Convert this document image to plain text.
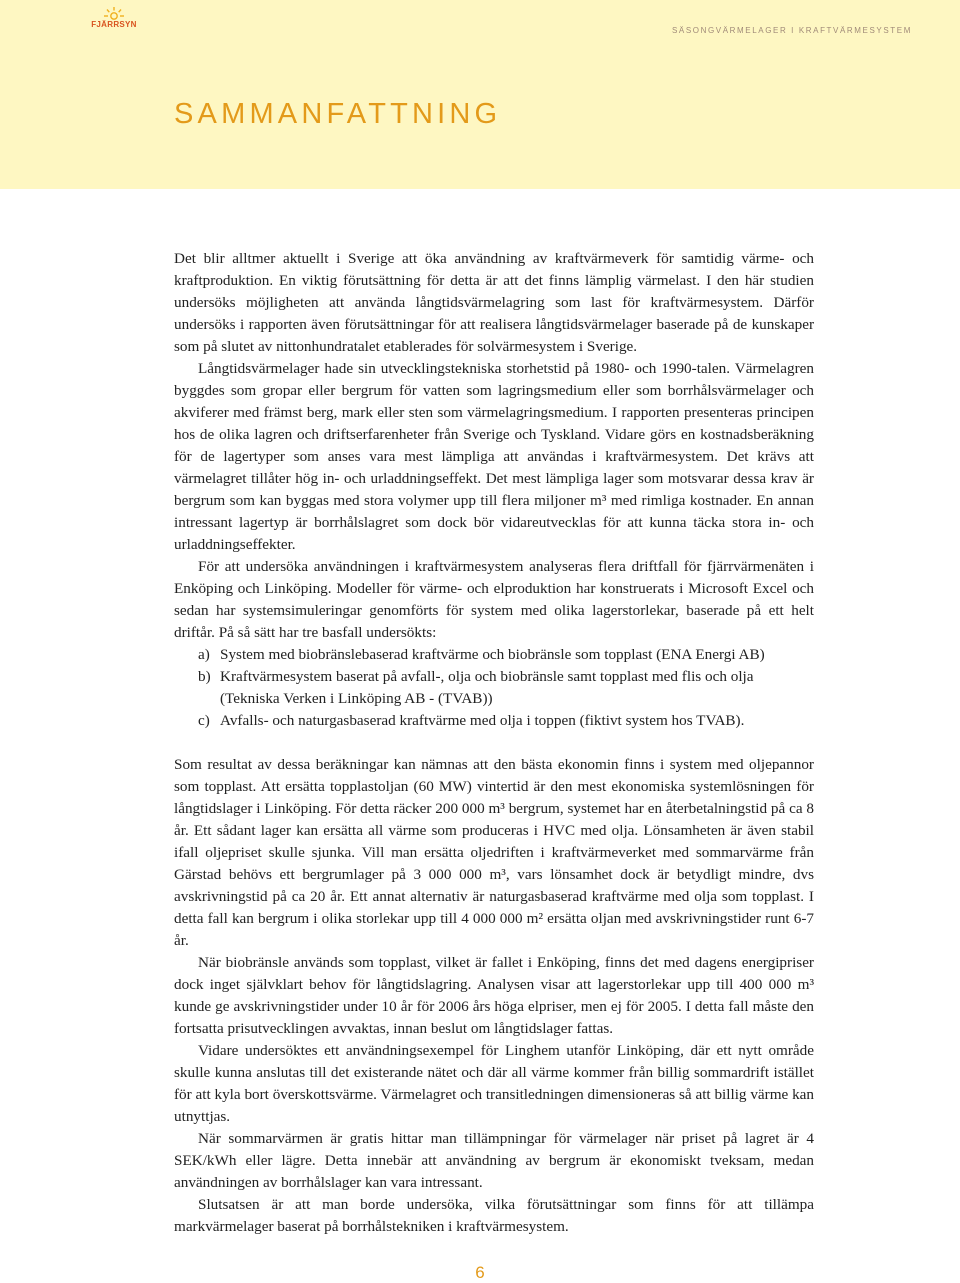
FJÄRRSYN
SÄSONGVÄRMELAGER I KRAFTVÄRMESYSTEM
SAMMANFATTNING

Det blir alltmer aktuellt i Sverige att öka användning av kraftvärmeverk för samtidig värme- och kraftproduktion. En viktig förutsättning för detta är att det finns lämplig värmelast. I den här studien undersöks möjligheten att använda långtidsvärmelagring som last för kraftvärmesystem. Därför undersöks i rapporten även förutsättningar för att realisera långtidsvärmelager baserade på de kunskaper som på slutet av nittonhundratalet etablerades för solvärmesystem i Sverige.

Långtidsvärmelager hade sin utvecklingstekniska storhetstid på 1980- och 1990-talen. Värmelagren byggdes som gropar eller bergrum för vatten som lagringsmedium eller som borrhålsvärmelager och akviferer med främst berg, mark eller sten som värmelagringsmedium. I rapporten presenteras principen hos de olika lagren och driftserfarenheter från Sverige och Tyskland. Vidare görs en kostnadsberäkning för de lagertyper som anses vara mest lämpliga att användas i kraftvärmesystem. Det krävs att värmelagret tillåter hög in- och urladdningseffekt. Det mest lämpliga lager som motsvarar dessa krav är bergrum som kan byggas med stora volymer upp till flera miljoner m³ med rimliga kostnader. En annan intressant lagertyp är borrhålslagret som dock bör vidareutvecklas för att kunna täcka stora in- och urladdningseffekter.

För att undersöka användningen i kraftvärmesystem analyseras flera driftfall för fjärrvärmenäten i Enköping och Linköping. Modeller för värme- och elproduktion har konstruerats i Microsoft Excel och sedan har systemsimuleringar genomförts för system med olika lagerstorlekar, baserade på ett helt driftår. På så sätt har tre basfall undersökts:

a) System med biobränslebaserad kraftvärme och biobränsle som topplast (ENA Energi AB)
b) Kraftvärmesystem baserat på avfall-, olja och biobränsle samt topplast med flis och olja (Tekniska Verken i Linköping AB - (TVAB))
c) Avfalls- och naturgasbaserad kraftvärme med olja i toppen (fiktivt system hos TVAB).

Som resultat av dessa beräkningar kan nämnas att den bästa ekonomin finns i system med oljepannor som topplast. Att ersätta topplastoljan (60 MW) vintertid är den mest ekonomiska systemlösningen för långtidslager i Linköping. För detta räcker 200 000 m³ bergrum, systemet har en återbetalningstid på ca 8 år. Ett sådant lager kan ersätta all värme som produceras i HVC med olja. Lönsamheten är även stabil ifall oljepriset skulle sjunka. Vill man ersätta oljedriften i kraftvärmeverket med sommarvärme från Gärstad behövs ett bergrumlager på 3 000 000 m³, vars lönsamhet dock är betydligt mindre, dvs avskrivningstid på ca 20 år. Ett annat alternativ är naturgasbaserad kraftvärme med olja som topplast. I detta fall kan bergrum i olika storlekar upp till 4 000 000 m² ersätta oljan med avskrivningstider runt 6-7 år.

När biobränsle används som topplast, vilket är fallet i Enköping, finns det med dagens energipriser dock inget självklart behov för långtidslagring. Analysen visar att lagerstorlekar upp till 400 000 m³ kunde ge avskrivningstider under 10 år för 2006 års höga elpriser, men ej för 2005. I detta fall måste den fortsatta prisutvecklingen avvaktas, innan beslut om långtidslager fattas.

Vidare undersöktes ett användningsexempel för Linghem utanför Linköping, där ett nytt område skulle kunna anslutas till det existerande nätet och där all värme kommer från billig sommardrift istället för att kyla bort överskottsvärme. Värmelagret och transitledningen dimensioneras så att billig värme kan utnyttjas.

När sommarvärmen är gratis hittar man tillämpningar för värmelager när priset på lagret är 4 SEK/kWh eller lägre. Detta innebär att användning av bergrum är ekonomiskt tveksam, medan användningen av borrhålslager kan vara intressant.

Slutsatsen är att man borde undersöka, vilka förutsättningar som finns för att tillämpa markvärmelager baserat på borrhålstekniken i kraftvärmesystem.

6
